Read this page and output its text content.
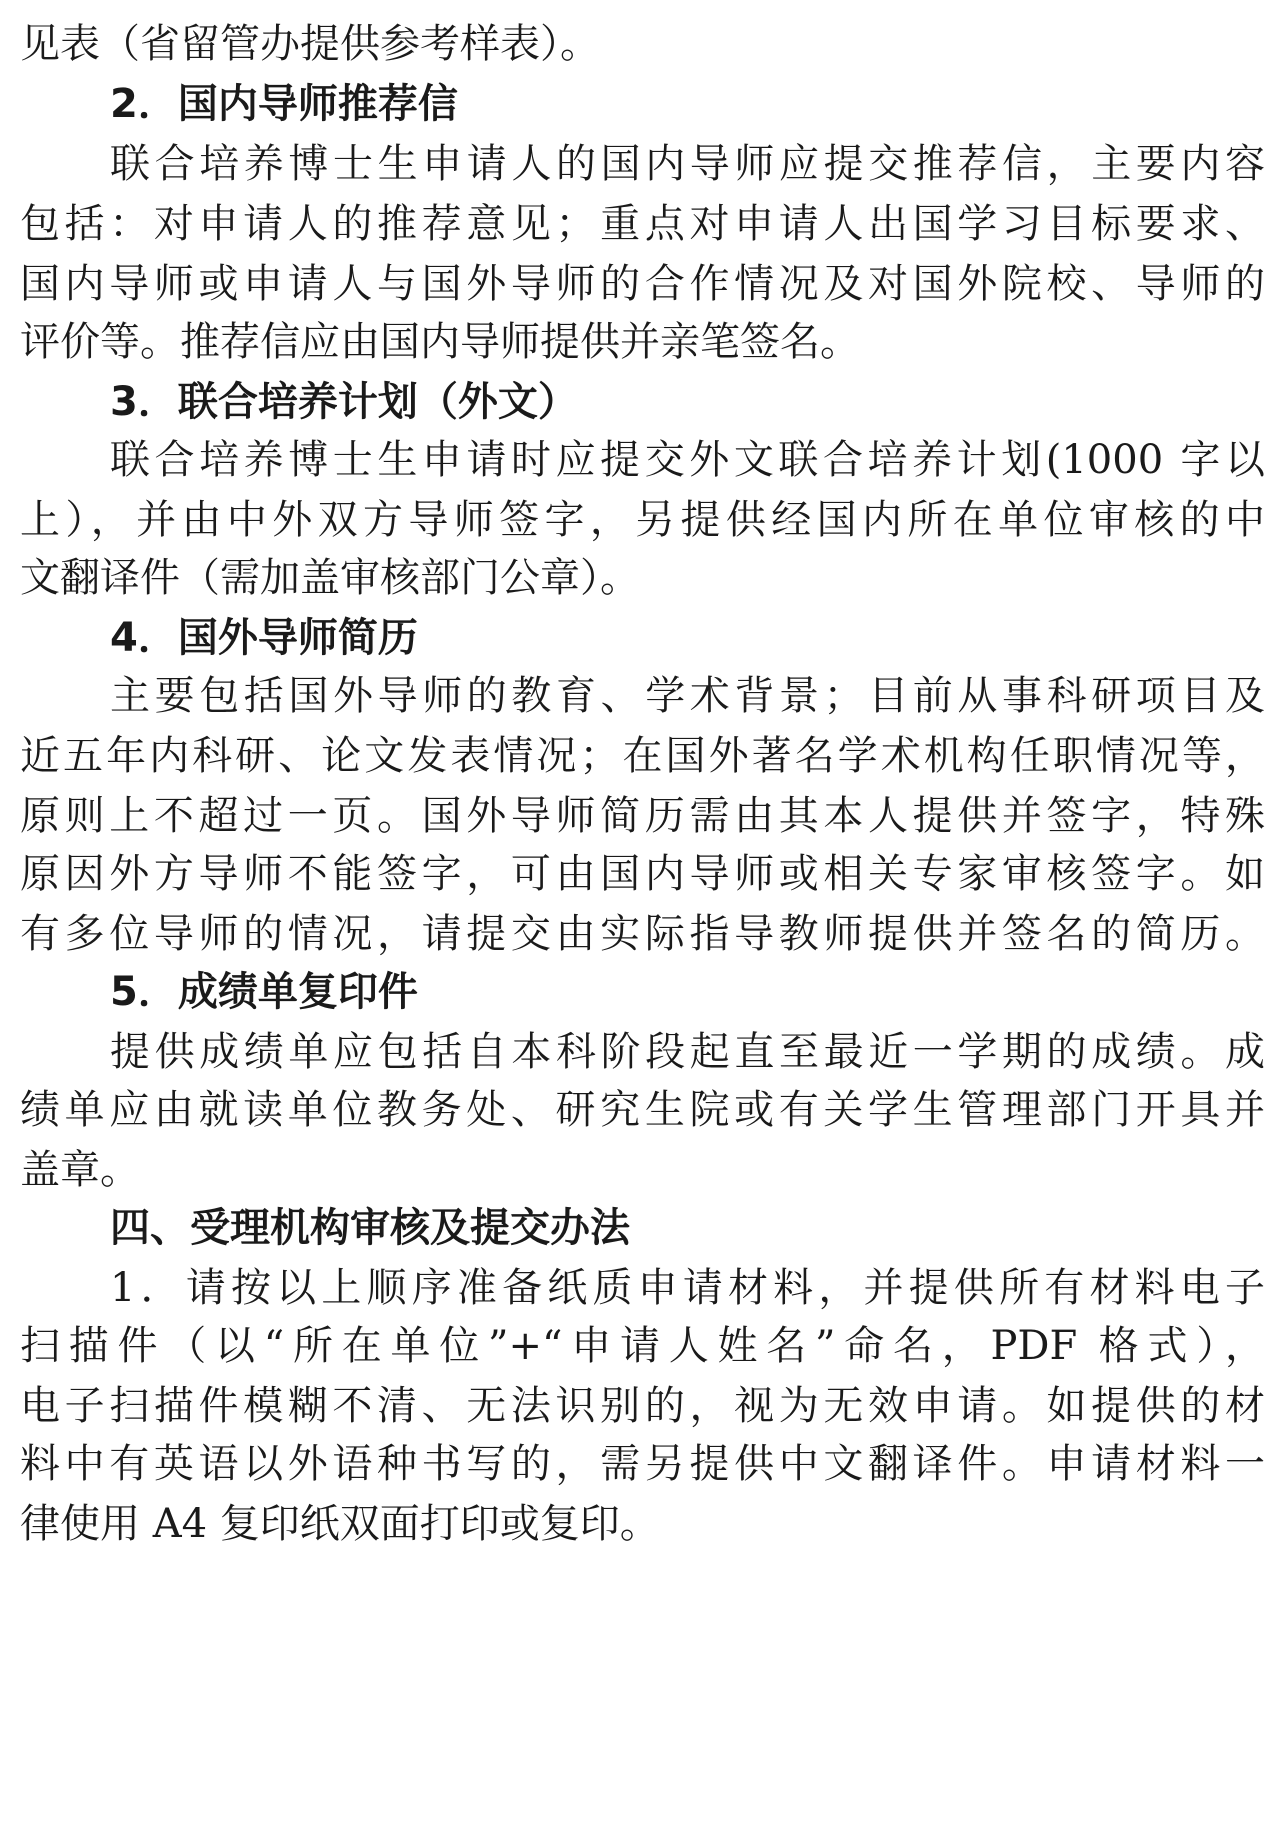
见表（省留管办提供参考样表）。
2．国内导师推荐信
联合培养博士生申请人的国内导师应提交推荐信，主要内容
包括：对申请人的推荐意见；重点对申请人出国学习目标要求、
国内导师或申请人与国外导师的合作情况及对国外院校、导师的
评价等。推荐信应由国内导师提供并亲笔签名。
3．联合培养计划（外文）
联合培养博士生申请时应提交外文联合培养计划(1000 字以
上），并由中外双方导师签字，另提供经国内所在单位审核的中
文翻译件（需加盖审核部门公章）。
4．国外导师简历
主要包括国外导师的教育、学术背景；目前从事科研项目及
近五年内科研、论文发表情况；在国外著名学术机构任职情况等，
原则上不超过一页。国外导师简历需由其本人提供并签字，特殊
原因外方导师不能签字，可由国内导师或相关专家审核签字。如
有多位导师的情况，请提交由实际指导教师提供并签名的简历。
5．成绩单复印件
提供成绩单应包括自本科阶段起直至最近一学期的成绩。成
绩单应由就读单位教务处、研究生院或有关学生管理部门开具并
盖章。
四、受理机构审核及提交办法
1．请按以上顺序准备纸质申请材料，并提供所有材料电子
扫描件（以“所在单位”+“申请人姓名”命名，PDF 格式），
电子扫描件模糊不清、无法识别的，视为无效申请。如提供的材
料中有英语以外语种书写的，需另提供中文翻译件。申请材料一
律使用 A4 复印纸双面打印或复印。
